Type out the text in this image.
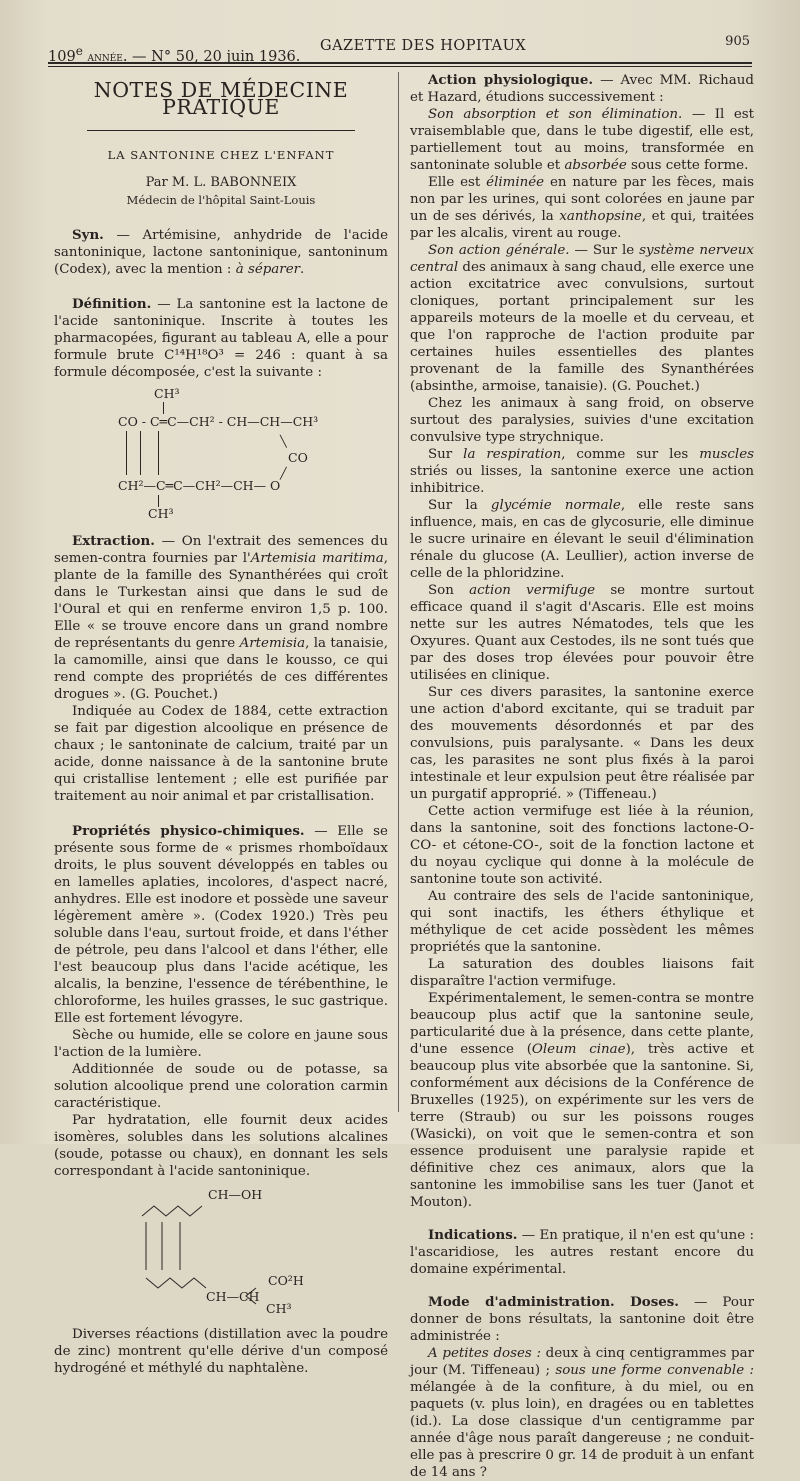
109e année. — N° 50, 20 juin 1936.
GAZETTE DES HOPITAUX	905
NOTES DE MÉDECINE PRATIQUE
LA SANTONINE CHEZ L'ENFANT
Par M. L. BABONNEIX
Médecin de l'hôpital Saint-Louis

Syn. — Artémisine, anhydride de l'acide santoninique, lactone santoninique, santoninum (Codex), avec la mention : à séparer.

Définition. — La santonine est la lactone de l'acide santoninique. Inscrite à toutes les pharmacopées, figurant au tableau A, elle a pour formule brute C¹⁴H¹⁸O³ = 246 : quant à sa formule décomposée, c'est la suivante :

CH³
CO - C═C—CH² - CH—CH—CH³
╲
CO
╱
CH²—C═C—CH²—CH— O
CH³

Extraction. — On l'extrait des semences du semen-contra fournies par l'Artemisia maritima, plante de la famille des Synanthérées qui croît dans le Turkestan ainsi que dans le sud de l'Oural et qui en renferme environ 1,5 p. 100. Elle « se trouve encore dans un grand nombre de représentants du genre Artemisia, la tanaisie, la camomille, ainsi que dans le kousso, ce qui rend compte des propriétés de ces différentes drogues ». (G. Pouchet.)

Indiquée au Codex de 1884, cette extraction se fait par digestion alcoolique en présence de chaux ; le santoninate de calcium, traité par un acide, donne naissance à de la santonine brute qui cristallise lentement ; elle est purifiée par traitement au noir animal et par cristallisation.

Propriétés physico-chimiques. — Elle se présente sous forme de « prismes rhomboïdaux droits, le plus souvent développés en tables ou en lamelles aplaties, incolores, d'aspect nacré, anhydres. Elle est inodore et possède une saveur légèrement amère ». (Codex 1920.) Très peu soluble dans l'eau, surtout froide, et dans l'éther de pétrole, peu dans l'alcool et dans l'éther, elle l'est beaucoup plus dans l'acide acétique, les alcalis, la benzine, l'essence de térébenthine, le chloroforme, les huiles grasses, le suc gastrique. Elle est fortement lévogyre.

Sèche ou humide, elle se colore en jaune sous l'action de la lumière.

Additionnée de soude ou de potasse, sa solution alcoolique prend une coloration carmin caractéristique.

Par hydratation, elle fournit deux acides isomères, solubles dans les solutions alcalines (soude, potasse ou chaux), en donnant les sels correspondant à l'acide santoninique.

CH—OH
CO²H
CH—CH
CH³

Diverses réactions (distillation avec la poudre de zinc) montrent qu'elle dérive d'un composé hydrogéné et méthylé du naphtalène.

Action physiologique. — Avec MM. Richaud et Hazard, étudions successivement :

Son absorption et son élimination. — Il est vraisemblable que, dans le tube digestif, elle est, partiellement tout au moins, transformée en santoninate soluble et absorbée sous cette forme.

Elle est éliminée en nature par les fèces, mais non par les urines, qui sont colorées en jaune par un de ses dérivés, la xanthopsine, et qui, traitées par les alcalis, virent au rouge.

Son action générale. — Sur le système nerveux central des animaux à sang chaud, elle exerce une action excitatrice avec convulsions, surtout cloniques, portant principalement sur les appareils moteurs de la moelle et du cerveau, et que l'on rapproche de l'action produite par certaines huiles essentielles des plantes provenant de la famille des Synanthérées (absinthe, armoise, tanaisie). (G. Pouchet.)

Chez les animaux à sang froid, on observe surtout des paralysies, suivies d'une excitation convulsive type strychnique.

Sur la respiration, comme sur les muscles striés ou lisses, la santonine exerce une action inhibitrice.

Sur la glycémie normale, elle reste sans influence, mais, en cas de glycosurie, elle diminue le sucre urinaire en élevant le seuil d'élimination rénale du glucose (A. Leullier), action inverse de celle de la phloridzine.

Son action vermifuge se montre surtout efficace quand il s'agit d'Ascaris. Elle est moins nette sur les autres Nématodes, tels que les Oxyures. Quant aux Cestodes, ils ne sont tués que par des doses trop élevées pour pouvoir être utilisées en clinique.

Sur ces divers parasites, la santonine exerce une action d'abord excitante, qui se traduit par des mouvements désordonnés et par des convulsions, puis paralysante. « Dans les deux cas, les parasites ne sont plus fixés à la paroi intestinale et leur expulsion peut être réalisée par un purgatif approprié. » (Tiffeneau.)

Cette action vermifuge est liée à la réunion, dans la santonine, soit des fonctions lactone-O-CO- et cétone-CO-, soit de la fonction lactone et du noyau cyclique qui donne à la molécule de santonine toute son activité.

Au contraire des sels de l'acide santoninique, qui sont inactifs, les éthers éthylique et méthylique de cet acide possèdent les mêmes propriétés que la santonine.

La saturation des doubles liaisons fait disparaître l'action vermifuge.

Expérimentalement, le semen-contra se montre beaucoup plus actif que la santonine seule, particularité due à la présence, dans cette plante, d'une essence (Oleum cinae), très active et beaucoup plus vite absorbée que la santonine. Si, conformément aux décisions de la Conférence de Bruxelles (1925), on expérimente sur les vers de terre (Straub) ou sur les poissons rouges (Wasicki), on voit que le semen-contra et son essence produisent une paralysie rapide et définitive chez ces animaux, alors que la santonine les immobilise sans les tuer (Janot et Mouton).

Indications. — En pratique, il n'en est qu'une : l'ascaridiose, les autres restant encore du domaine expérimental.

Mode d'administration. Doses. — Pour donner de bons résultats, la santonine doit être administrée :

A petites doses : deux à cinq centigrammes par jour (M. Tiffeneau) ; sous une forme convenable : mélangée à de la confiture, à du miel, ou en paquets (v. plus loin), en dragées ou en tablettes (id.). La dose classique d'un centigramme par année d'âge nous paraît dangereuse ; ne conduit-elle pas à prescrire 0 gr. 14 de produit à un enfant de 14 ans ?
